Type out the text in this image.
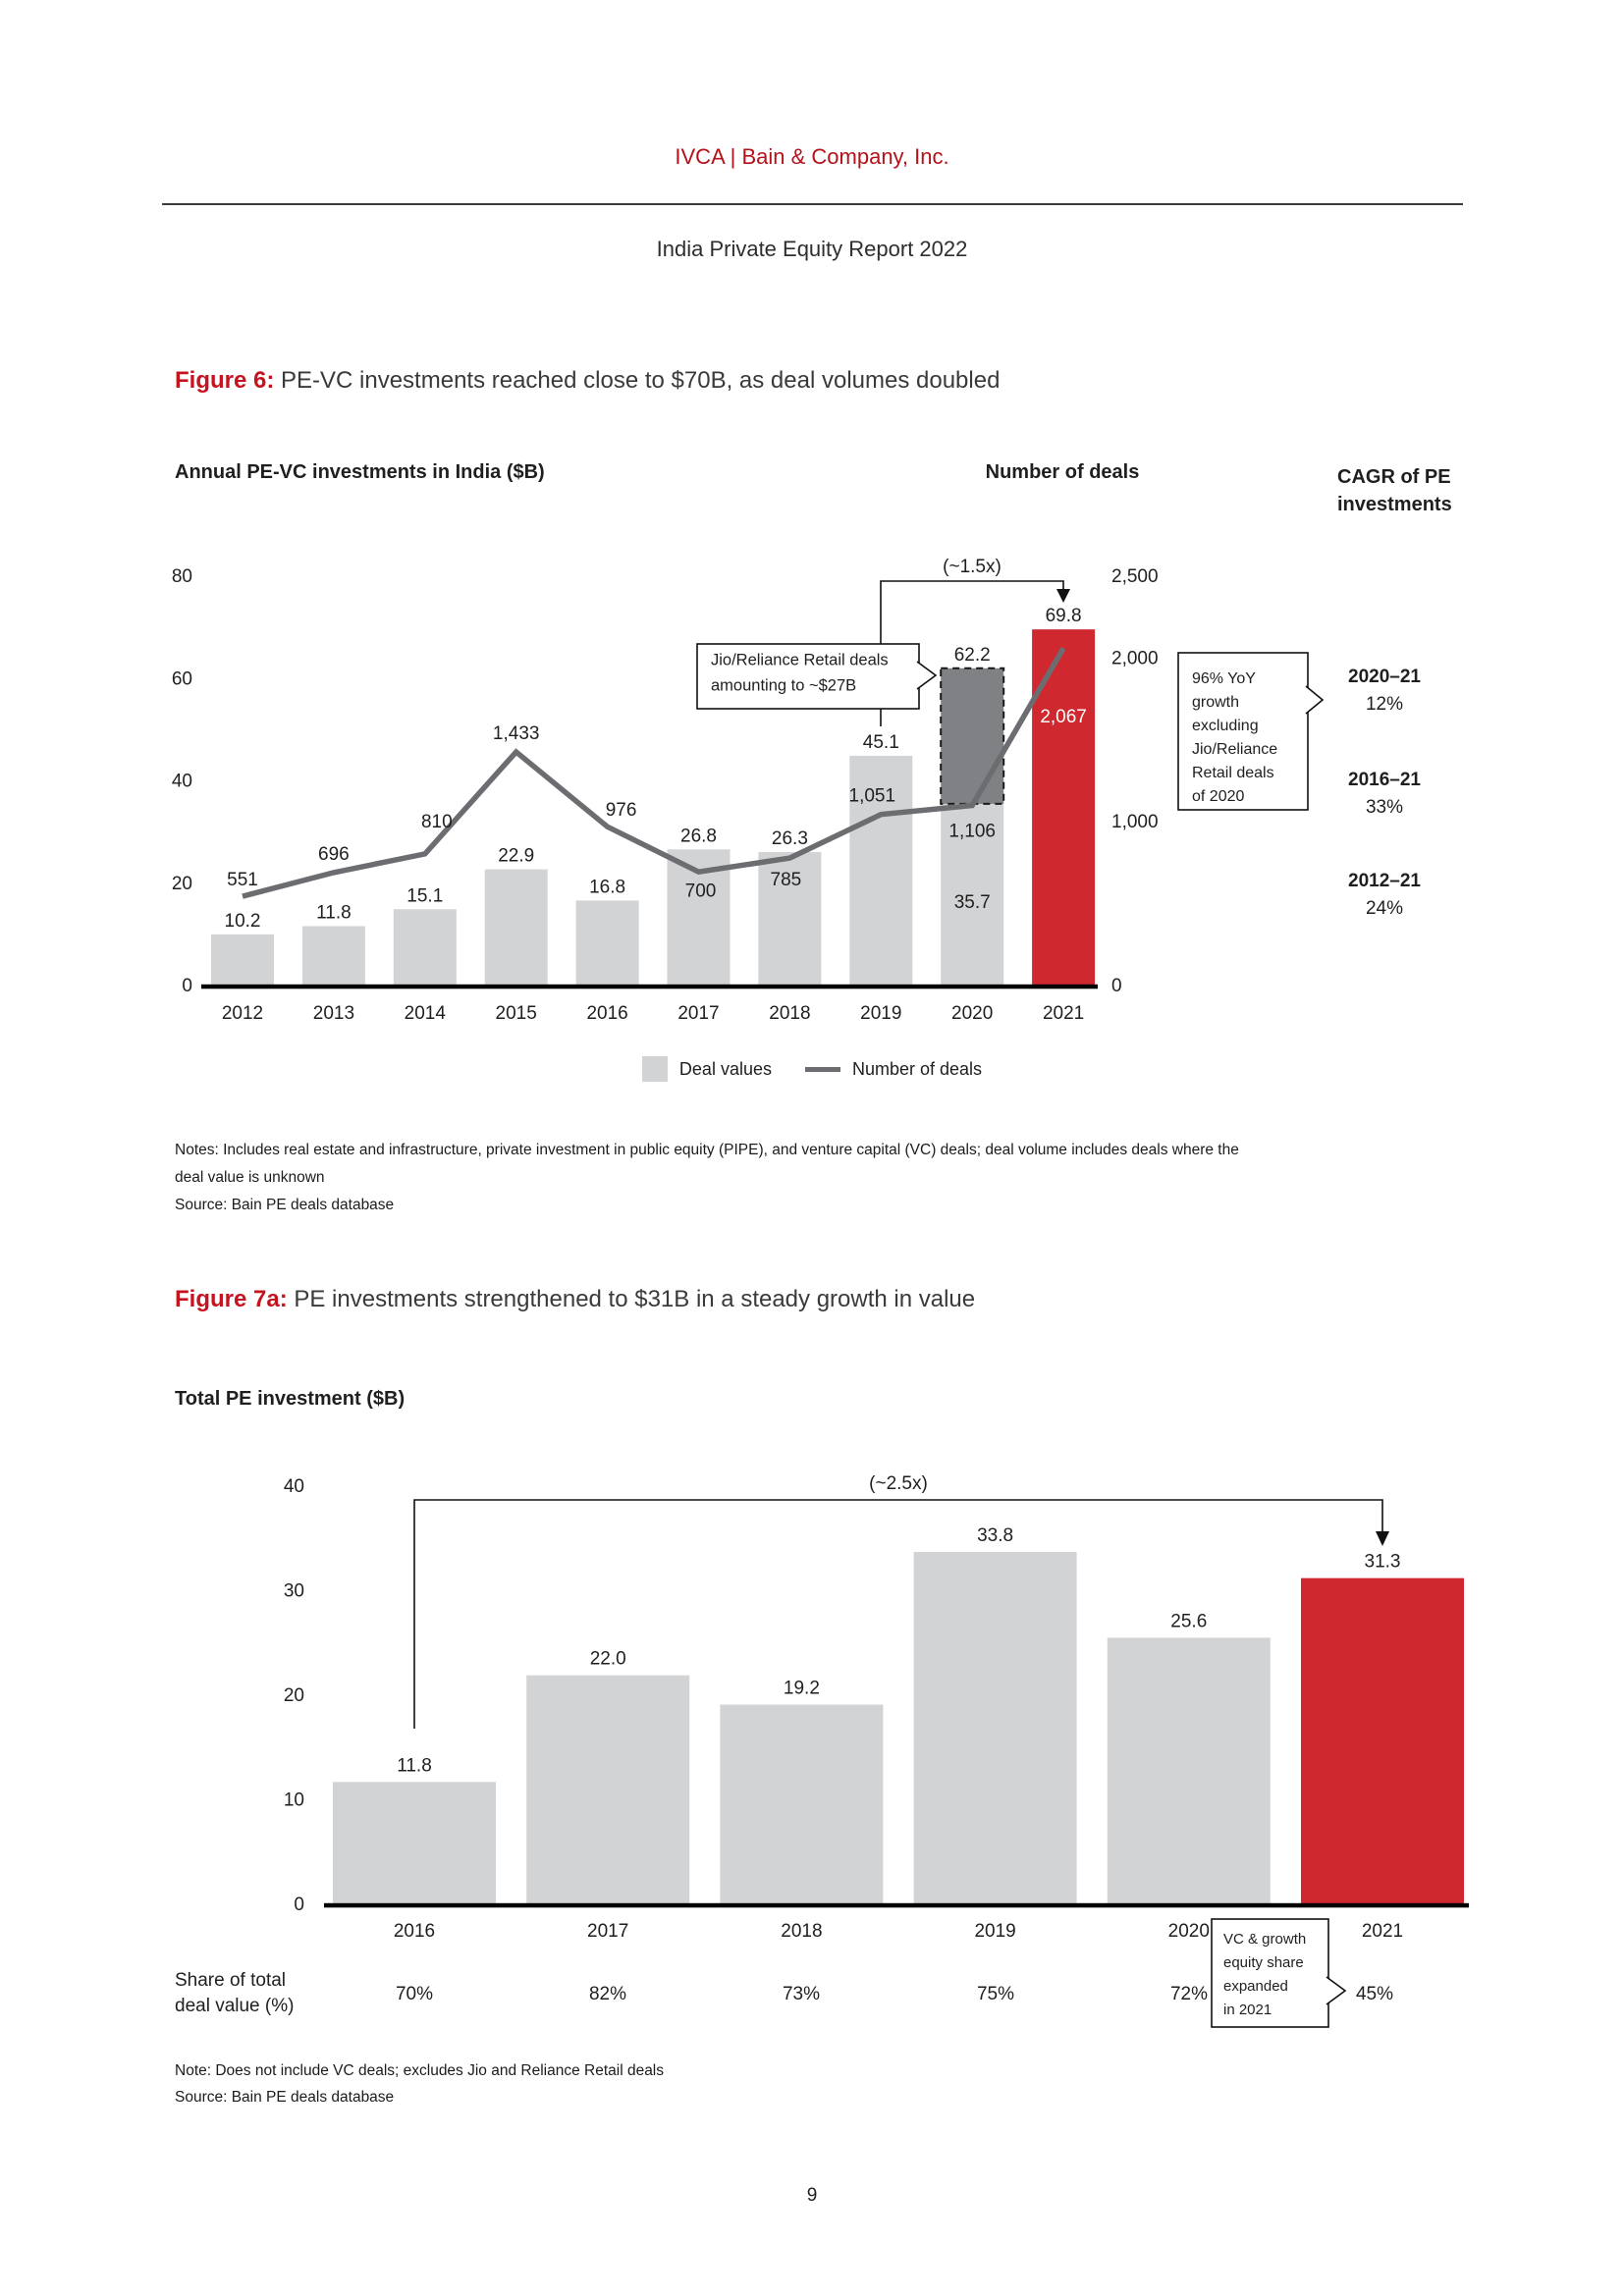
0
20
40
60
80
0
1,000
2,000
2,500
2012	2013	2014	2015	2016	2017	2018	2019	2020	2021
10.2	11.8
15.1
22.9
16.8
26.8	26.3
45.1
62.2
69.8
35.7
551
696
810
1,433
976
700
785
1,051
1,106
2,067
(~1.5x)
Jio/Reliance Retail deals
amounting to ~$27B	96% YoY
growth
excluding
Jio/Reliance
Retail deals
of 2020
0
10
20
30
40
2016	2017	2018	2019	2020	2021
11.8
22.0
19.2
33.8
25.6
31.3
(~2.5x)
VC & growth
equity share
expanded
in 2021
IVCA | Bain & Company, Inc.
India Private Equity Report 2022
Figure 6: PE-VC investments reached close to $70B, as deal volumes doubled
Annual PE-VC investments in India ($B)	Number of deals	CAGR of PE investments
2020–21
12%
2016–21
33%
2012–21
24%
Deal values	Number of deals
Notes: Includes real estate and infrastructure, private investment in public equity (PIPE), and venture capital (VC) deals; deal volume includes deals where the
deal value is unknown
Source: Bain PE deals database
Figure 7a: PE investments strengthened to $31B in a steady growth in value
Total PE investment ($B)
Share of total
deal value (%)
70%	82%	73%	75%	72%	45%
Note: Does not include VC deals; excludes Jio and Reliance Retail deals
Source: Bain PE deals database
9
